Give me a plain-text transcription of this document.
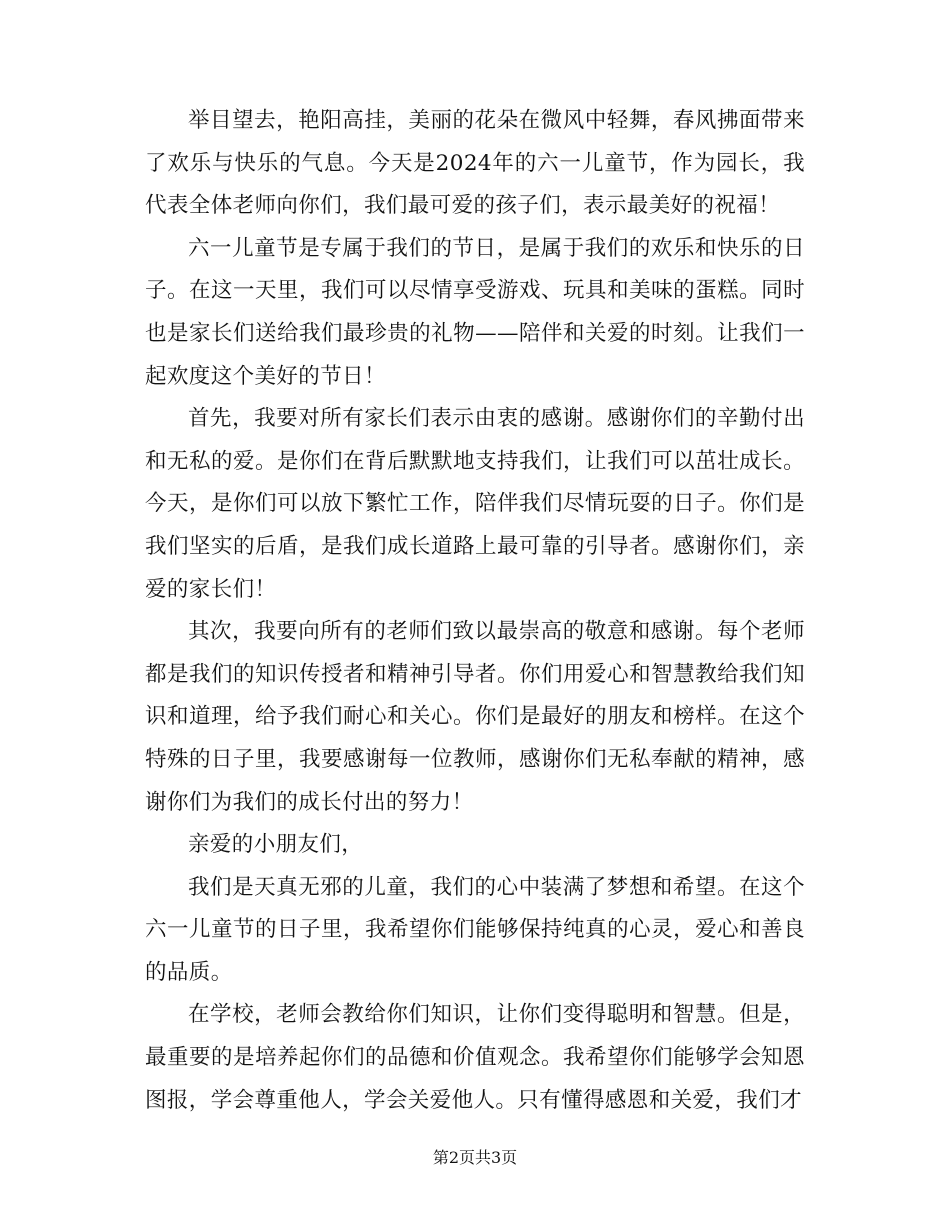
举目望去，艳阳高挂，美丽的花朵在微风中轻舞，春风拂面带来了欢乐与快乐的气息。今天是2024年的六一儿童节，作为园长，我代表全体老师向你们，我们最可爱的孩子们，表示最美好的祝福！

六一儿童节是专属于我们的节日，是属于我们的欢乐和快乐的日子。在这一天里，我们可以尽情享受游戏、玩具和美味的蛋糕。同时也是家长们送给我们最珍贵的礼物——陪伴和关爱的时刻。让我们一起欢度这个美好的节日！

首先，我要对所有家长们表示由衷的感谢。感谢你们的辛勤付出和无私的爱。是你们在背后默默地支持我们，让我们可以茁壮成长。今天，是你们可以放下繁忙工作，陪伴我们尽情玩耍的日子。你们是我们坚实的后盾，是我们成长道路上最可靠的引导者。感谢你们，亲爱的家长们！

其次，我要向所有的老师们致以最崇高的敬意和感谢。每个老师都是我们的知识传授者和精神引导者。你们用爱心和智慧教给我们知识和道理，给予我们耐心和关心。你们是最好的朋友和榜样。在这个特殊的日子里，我要感谢每一位教师，感谢你们无私奉献的精神，感谢你们为我们的成长付出的努力！

亲爱的小朋友们，

我们是天真无邪的儿童，我们的心中装满了梦想和希望。在这个六一儿童节的日子里，我希望你们能够保持纯真的心灵，爱心和善良的品质。

在学校，老师会教给你们知识，让你们变得聪明和智慧。但是，最重要的是培养起你们的品德和价值观念。我希望你们能够学会知恩图报，学会尊重他人，学会关爱他人。只有懂得感恩和关爱，我们才

第2页共3页
